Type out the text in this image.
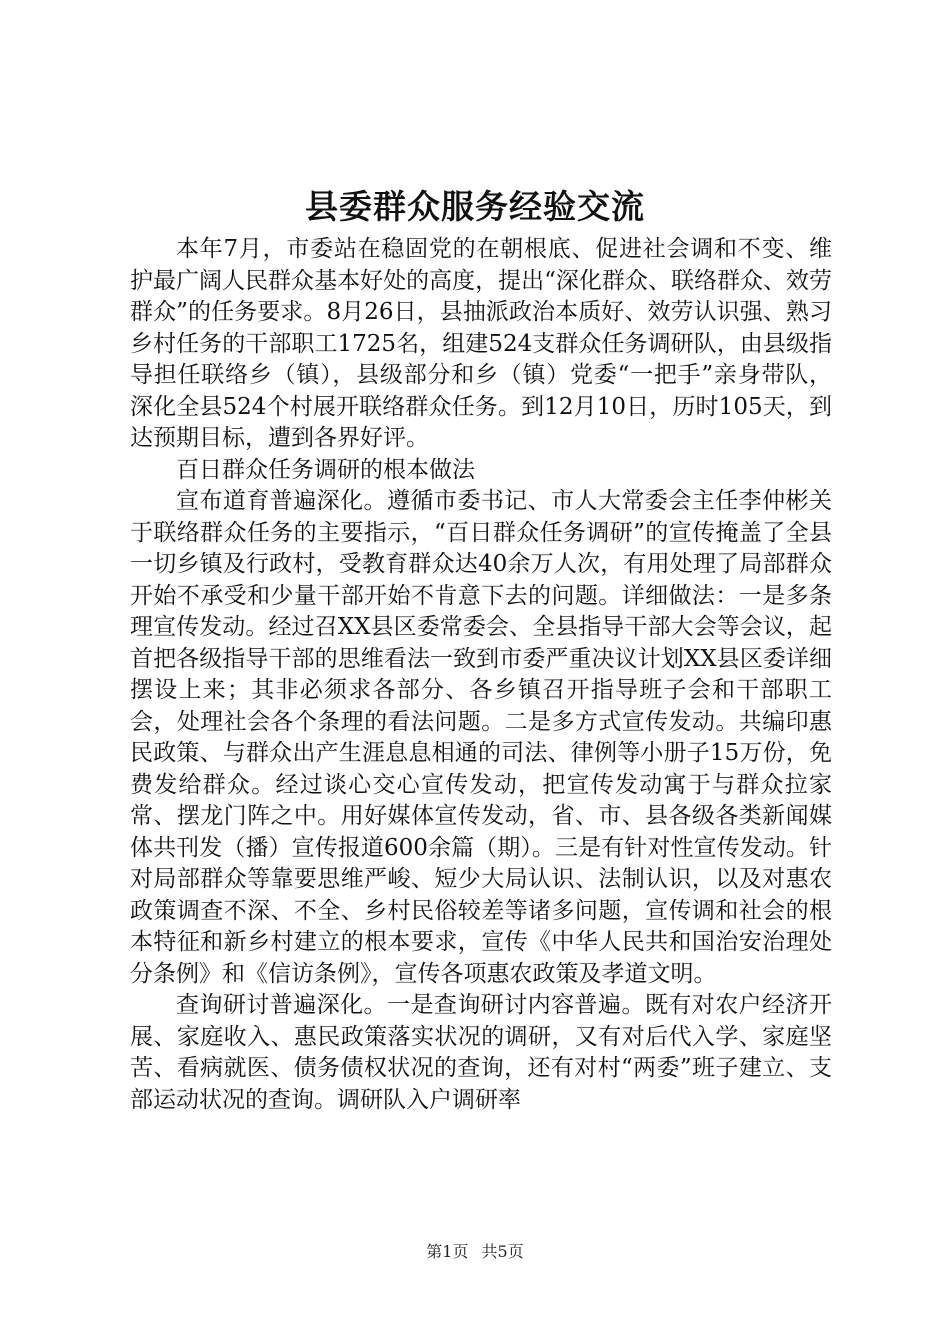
县委群众服务经验交流

本年7月，市委站在稳固党的在朝根底、促进社会调和不变、维护最广阔人民群众基本好处的高度，提出“深化群众、联络群众、效劳群众”的任务要求。8月26日，县抽派政治本质好、效劳认识强、熟习乡村任务的干部职工1725名，组建524支群众任务调研队，由县级指导担任联络乡（镇），县级部分和乡（镇）党委“一把手”亲身带队，深化全县524个村展开联络群众任务。到12月10日，历时105天，到达预期目标，遭到各界好评。

百日群众任务调研的根本做法

宣布道育普遍深化。遵循市委书记、市人大常委会主任李仲彬关于联络群众任务的主要指示，“百日群众任务调研”的宣传掩盖了全县一切乡镇及行政村，受教育群众达40余万人次，有用处理了局部群众开始不承受和少量干部开始不肯意下去的问题。详细做法：一是多条理宣传发动。经过召XX县区委常委会、全县指导干部大会等会议，起首把各级指导干部的思维看法一致到市委严重决议计划XX县区委详细摆设上来；其非必须求各部分、各乡镇召开指导班子会和干部职工会，处理社会各个条理的看法问题。二是多方式宣传发动。共编印惠民政策、与群众出产生涯息息相通的司法、律例等小册子15万份，免费发给群众。经过谈心交心宣传发动，把宣传发动寓于与群众拉家常、摆龙门阵之中。用好媒体宣传发动，省、市、县各级各类新闻媒体共刊发（播）宣传报道600余篇（期）。三是有针对性宣传发动。针对局部群众等靠要思维严峻、短少大局认识、法制认识，以及对惠农政策调查不深、不全、乡村民俗较差等诸多问题，宣传调和社会的根本特征和新乡村建立的根本要求，宣传《中华人民共和国治安治理处分条例》和《信访条例》，宣传各项惠农政策及孝道文明。

查询研讨普遍深化。一是查询研讨内容普遍。既有对农户经济开展、家庭收入、惠民政策落实状况的调研，又有对后代入学、家庭坚苦、看病就医、债务债权状况的查询，还有对村“两委”班子建立、支部运动状况的查询。调研队入户调研率

第1页 共5页
